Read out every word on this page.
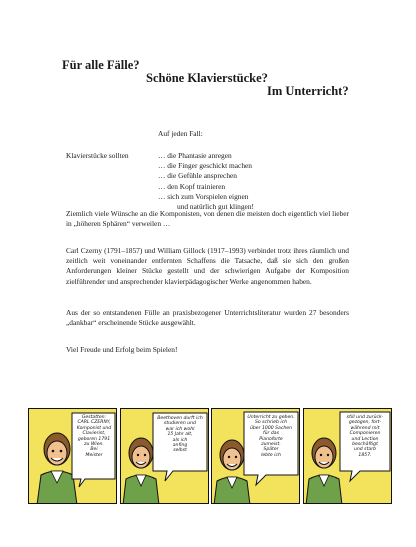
Für alle Fälle?
Schöne Klavierstücke?
Im Unterricht?
Auf jeden Fall:
Klavierstücke sollten	… die Phantasie anregen
… die Finger geschickt machen
… die Gefühle ansprechen
… den Kopf trainieren
… sich zum Vorspielen eignen
und natürlich gut klingen!

Ziemlich viele Wünsche an die Komponisten, von denen die meisten doch eigentlich viel lieber in „höheren Sphären“ verweilen …

Carl Czerny (1791–1857) und William Gillock (1917–1993) verbindet trotz ihres räumlich und zeitlich weit voneinander entfernten Schaffens die Tatsache, daß sie sich den großen Anforderungen kleiner Stücke gestellt und der schwierigen Aufgabe der Komposition zielführender und ansprechender klavierpädagogischer Werke angenommen haben.

Aus der so entstandenen Fülle an praxisbezogener Unterrichtsliteratur wurden 27 besonders „dankbar“ erscheinende Stücke ausgewählt.

Viel Freude und Erfolg beim Spielen!

Gestatten:
CARL CZERNY,
Komponist und
Clavierist,
geboren 1791
zu Wien.
Bei
Meister
Beethoven durft ich
studieren und
war ich wohl
15 Jahr alt,
als ich
anfing
selbst
Unterricht zu geben.
So schrieb ich
über 1000 Sachen
für das
Pianoforte
zumeist.
Später
lebte ich
still und zurück-
gezogen, fort-
während mit
Componieren
und Lection
beschäftigt
und starb
1857.
